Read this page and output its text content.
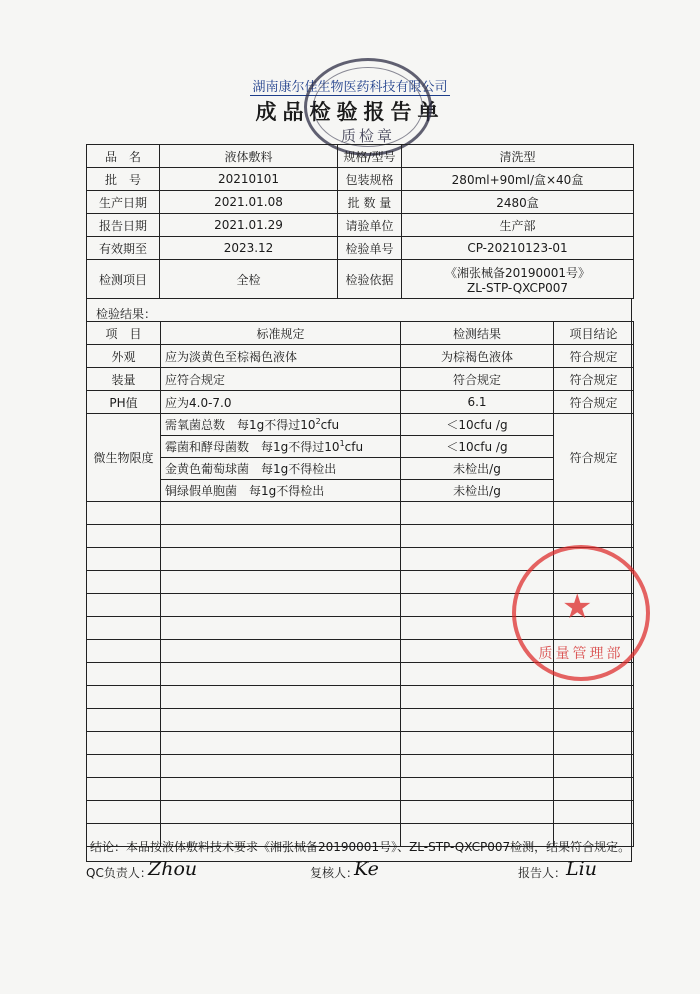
湖南康尔佳生物医药科技有限公司
成品检验报告单
质检章
品　名	液体敷料	规格/型号	清洗型
批　号	20210101	包装规格	280ml+90ml/盒×40盒
生产日期	2021.01.08	批 数 量	2480盒
报告日期	2021.01.29	请验单位	生产部
有效期至	2023.12	检验单号	CP-20210123-01
检测项目	全检	检验依据	《湘张械备20190001号》
ZL-STP-QXCP007
检验结果：
项　目	标准规定	检测结果	项目结论
外观	应为淡黄色至棕褐色液体	为棕褐色液体	符合规定
装量	应符合规定	符合规定	符合规定
PH值	应为4.0-7.0	6.1	符合规定
微生物限度	需氧菌总数　 每1g不得过$10^2cfu$	＜10cfu /g	符合规定
	霉菌和酵母菌数　 每1g不得过$10^1cfu$	＜10cfu /g	
	金黄色葡萄球菌　 每1g不得检出	未检出/g	
	铜绿假单胞菌　 每1g不得检出	未检出/g	

结论：本品按液体敷料技术要求《湘张械备20190001号》、ZL-STP-QXCP007检测，结果符合规定。
QC负责人：
Zhou	复核人：
Ke	报告人： Liu
★
质量管理部
